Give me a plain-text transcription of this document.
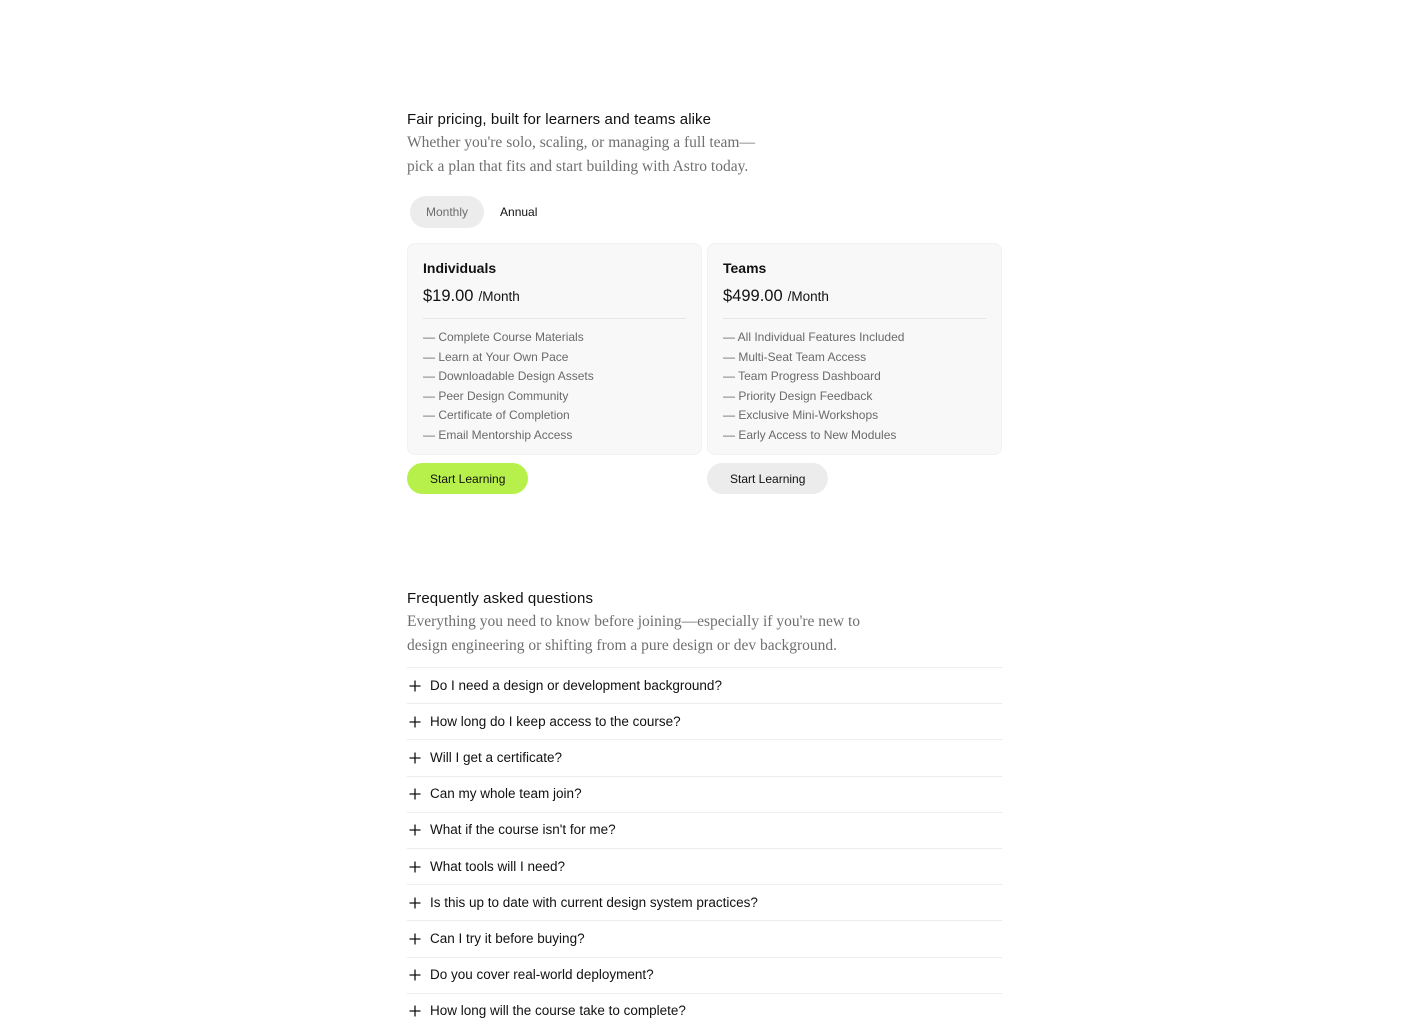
Fair pricing, built for learners and teams alike

Whether you're solo, scaling, or managing a full team—
pick a plan that fits and start building with Astro today.

Monthly	Annual
Individuals
$19.00 /Month
— Complete Course Materials
— Learn at Your Own Pace
— Downloadable Design Assets
— Peer Design Community
— Certificate of Completion
— Email Mentorship Access
Start Learning
Teams
$499.00 /Month
— All Individual Features Included
— Multi-Seat Team Access
— Team Progress Dashboard
— Priority Design Feedback
— Exclusive Mini-Workshops
— Early Access to New Modules
Start Learning
Frequently asked questions

Everything you need to know before joining—especially if you're new to
design engineering or shifting from a pure design or dev background.

Do I need a design or development background?
How long do I keep access to the course?
Will I get a certificate?
Can my whole team join?
What if the course isn't for me?
What tools will I need?
Is this up to date with current design system practices?
Can I try it before buying?
Do you cover real-world deployment?
How long will the course take to complete?
